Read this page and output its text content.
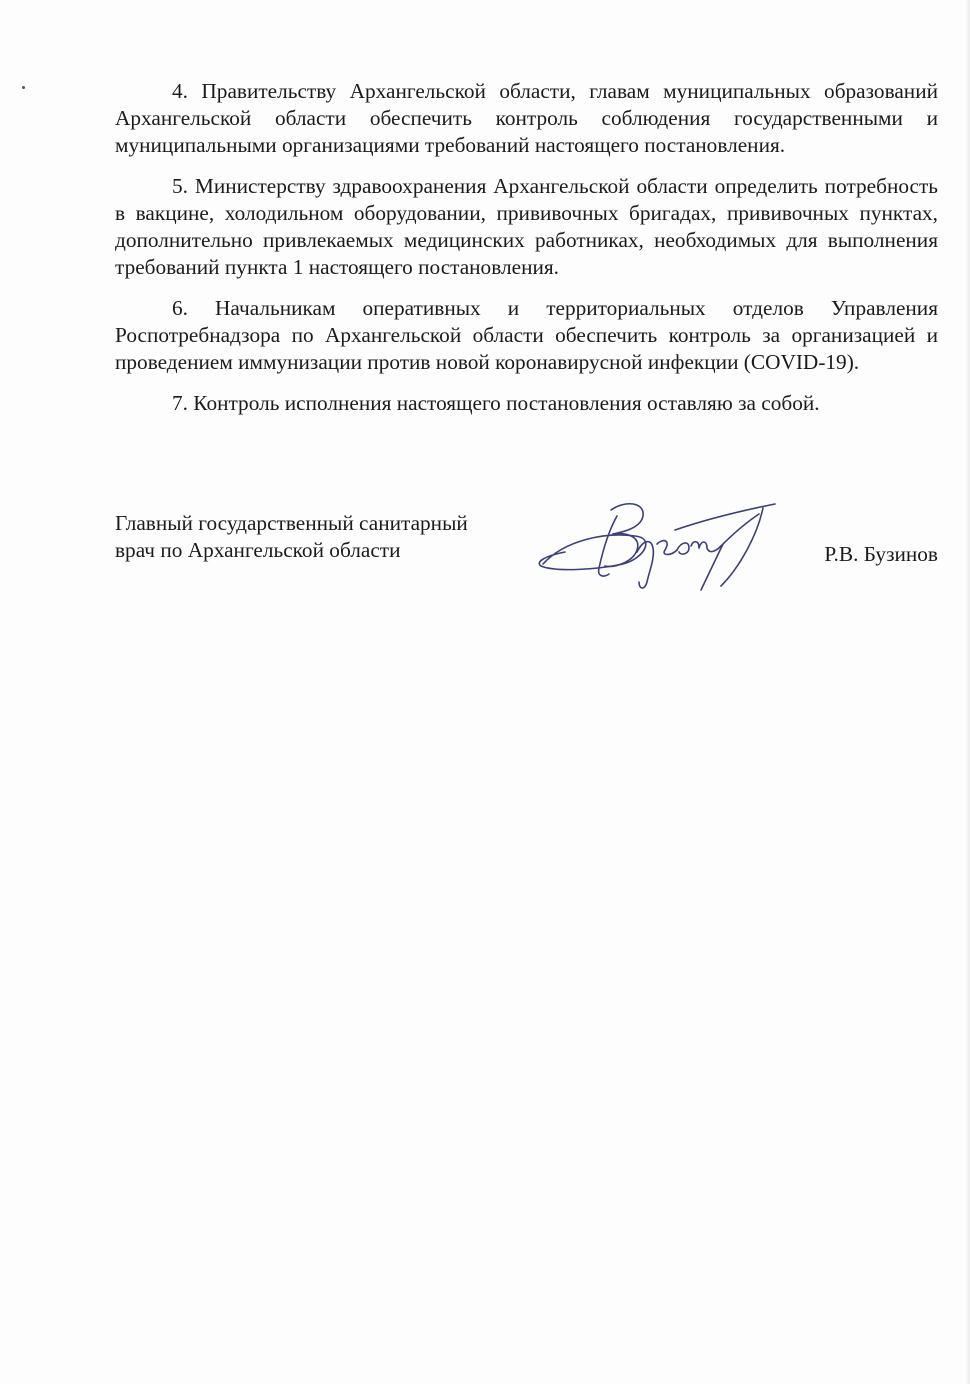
4. Правительству Архангельской области, главам муниципальных образований Архангельской области обеспечить контроль соблюдения государственными и муниципальными организациями требований настоящего постановления.

5. Министерству здравоохранения Архангельской области определить потребность в вакцине, холодильном оборудовании, прививочных бригадах, прививочных пунктах, дополнительно привлекаемых медицинских работниках, необходимых для выполнения требований пункта 1 настоящего постановления.

6. Начальникам оперативных и территориальных отделов Управления Роспотребнадзора по Архангельской области обеспечить контроль за организацией и проведением иммунизации против новой коронавирусной инфекции (COVID-19).

7. Контроль исполнения настоящего постановления оставляю за собой.

Главный государственный санитарный
врач по Архангельской области	Р.В. Бузинов
